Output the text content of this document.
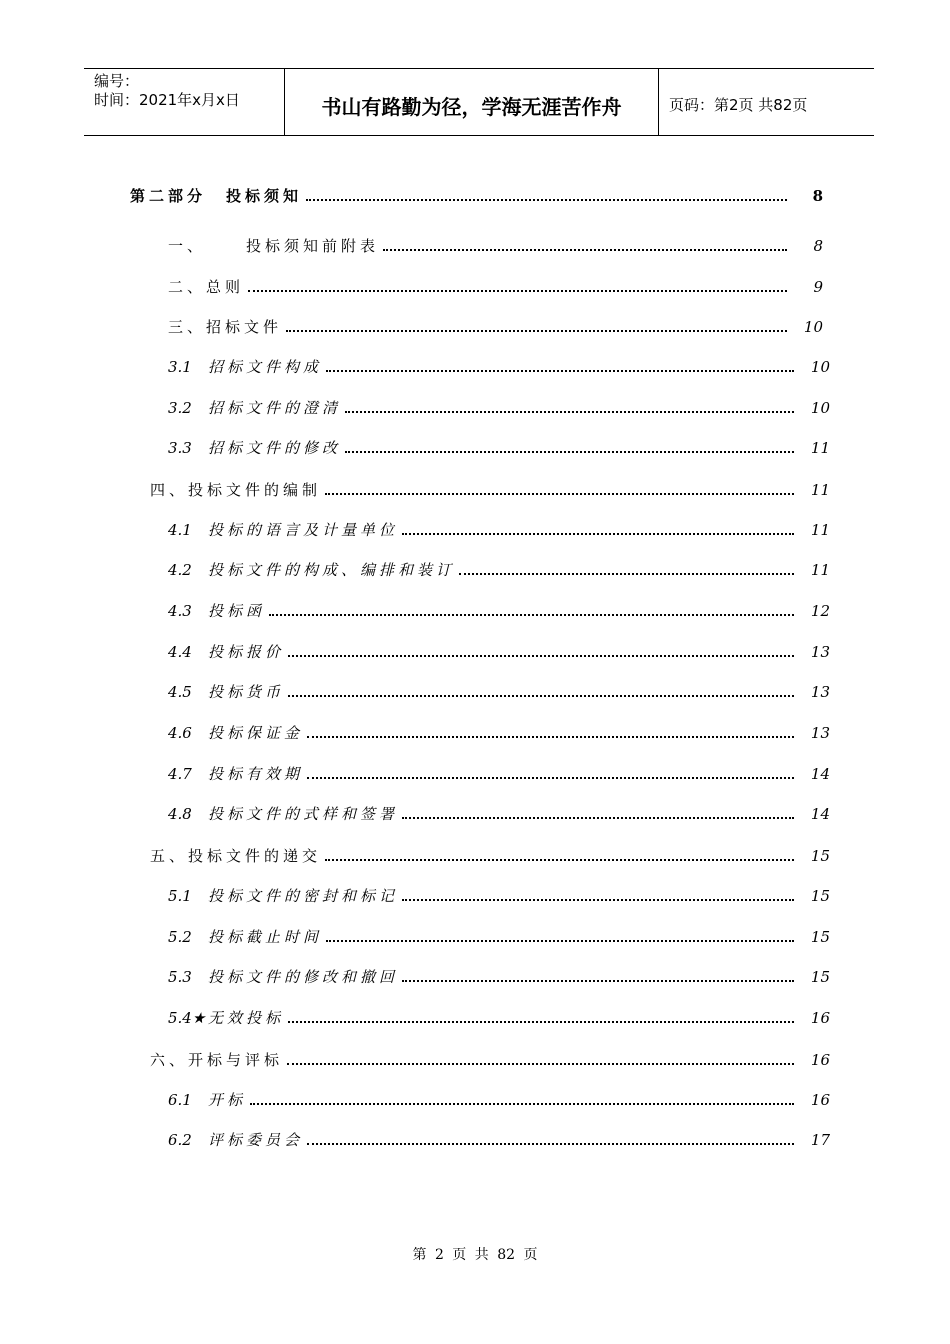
编号：
时间：2021年x月x日	书山有路勤为径，学海无涯苦作舟	页码：第2页 共82页
第二部分	投标须知	8
一、	投标须知前附表	8
二、 总则	9
三、 招标文件	10
3.1	招标文件构成	10
3.2	招标文件的澄清	10
3.3	招标文件的修改	11
四、 投标文件的编制	11
4.1	投标的语言及计量单位	11
4.2	投标文件的构成、编排和装订	11
4.3	投标函	12
4.4	投标报价	13
4.5	投标货币	13
4.6	投标保证金	13
4.7	投标有效期	14
4.8	投标文件的式样和签署	14
五、 投标文件的递交	15
5.1	投标文件的密封和标记	15
5.2	投标截止时间	15
5.3	投标文件的修改和撤回	15
5.4★ 无效投标	16
六、 开标与评标	16
6.1	开标	16
6.2	评标委员会	17
第 2 页 共 82 页
